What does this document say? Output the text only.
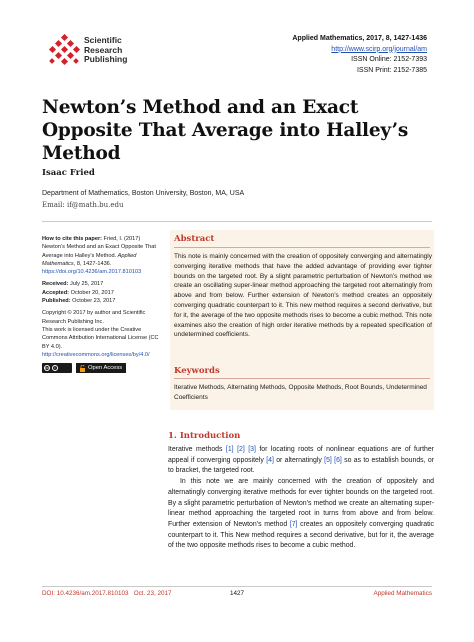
Scientific
Research
Publishing
Applied Mathematics, 2017, 8, 1427-1436
http://www.scirp.org/journal/am
ISSN Online: 2152-7393
ISSN Print: 2152-7385
Newton’s Method and an Exact Opposite That Average into Halley’s Method
Isaac Fried
Department of Mathematics, Boston University, Boston, MA, USA
Email: if@math.bu.edu

How to cite this paper: Fried, I. (2017) Newton’s Method and an Exact Opposite That Average into Halley’s Method. Applied Mathematics, 8, 1427-1436. https://doi.org/10.4236/am.2017.810103

Received: July 25, 2017
Accepted: October 20, 2017
Published: October 23, 2017

Copyright © 2017 by author and Scientific Research Publishing Inc.
This work is licensed under the Creative Commons Attribution International License (CC BY 4.0).
http://creativecommons.org/licenses/by/4.0/

cc	i	Open Access
Abstract
This note is mainly concerned with the creation of oppositely converging and alternatingly converging iterative methods that have the added advantage of providing ever tighter bounds on the targeted root. By a slight parametric perturbation of Newton’s method we create an oscillating super-linear method approaching the targeted root alternatingly from above and from below. Further extension of Newton’s method creates an oppositely converging quadratic counterpart to it. This new method requires a second derivative, but for it, the average of the two opposite methods rises to become a cubic method. This note examines also the creation of high order iterative methods by a repeated specification of undetermined coefficients.
Keywords
Iterative Methods, Alternating Methods, Opposite Methods, Root Bounds, Undetermined Coefficients
1. Introduction

Iterative methods [1] [2] [3] for locating roots of nonlinear equations are of further appeal if converging oppositely [4] or alternatingly [5] [6] so as to establish bounds, or to bracket, the targeted root.

In this note we are mainly concerned with the creation of oppositely and alternatingly converging iterative methods for ever tighter bounds on the targeted root. By a slight parametric perturbation of Newton’s method we create an alternating super-linear method approaching the targeted root in turns from above and from below. Further extension of Newton’s method [7] creates an oppositely converging quadratic counterpart to it. This New method requires a second derivative, but for it, the average of the two opposite methods rises to become a cubic method.

DOI: 10.4236/am.2017.810103 Oct. 23, 2017	1427	Applied Mathematics
